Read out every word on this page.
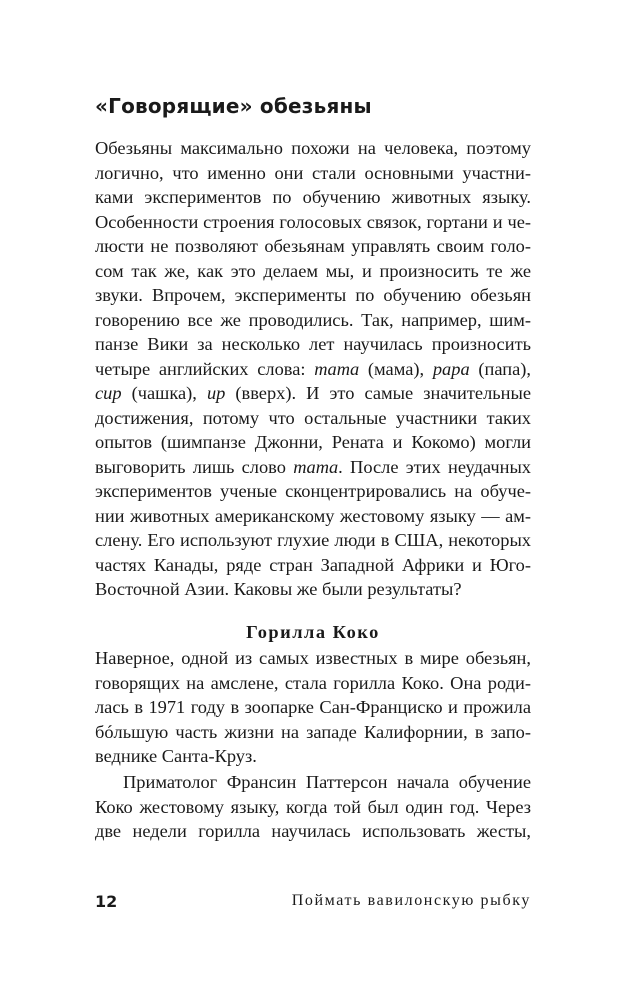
«Говорящие» обезьяны
Обезьяны максимально похожи на человека, поэтому
логично, что именно они стали основными участни-
ками экспериментов по обучению животных языку.
Особенности строения голосовых связок, гортани и че-
люсти не позволяют обезьянам управлять своим голо-
сом так же, как это делаем мы, и произносить те же
звуки. Впрочем, эксперименты по обучению обезьян
говорению все же проводились. Так, например, шим-
панзе Вики за несколько лет научилась произносить
четыре английских слова: mama (мама), papa (папа),
cup (чашка), up (вверх). И это самые значительные
достижения, потому что остальные участники таких
опытов (шимпанзе Джонни, Рената и Кокомо) могли
выговорить лишь слово mama. После этих неудачных
экспериментов ученые сконцентрировались на обучe-
нии животных американскому жестовому языку — ам-
слену. Его используют глухие люди в США, некоторых
частях Канады, ряде стран Западной Африки и Юго-
Восточной Азии. Каковы же были результаты?
Горилла Коко
Наверное, одной из самых известных в мире обезьян,
говорящих на амслене, стала горилла Коко. Она роди-
лась в 1971 году в зоопарке Сан-Франциско и прожила
бóльшую часть жизни на западе Калифорнии, в запо-
веднике Санта-Круз.
Приматолог Франсин Паттерсон начала обучение
Коко жестовому языку, когда той был один год. Через
две недели горилла научилась использовать жесты,
12	Поймать вавилонскую рыбку
